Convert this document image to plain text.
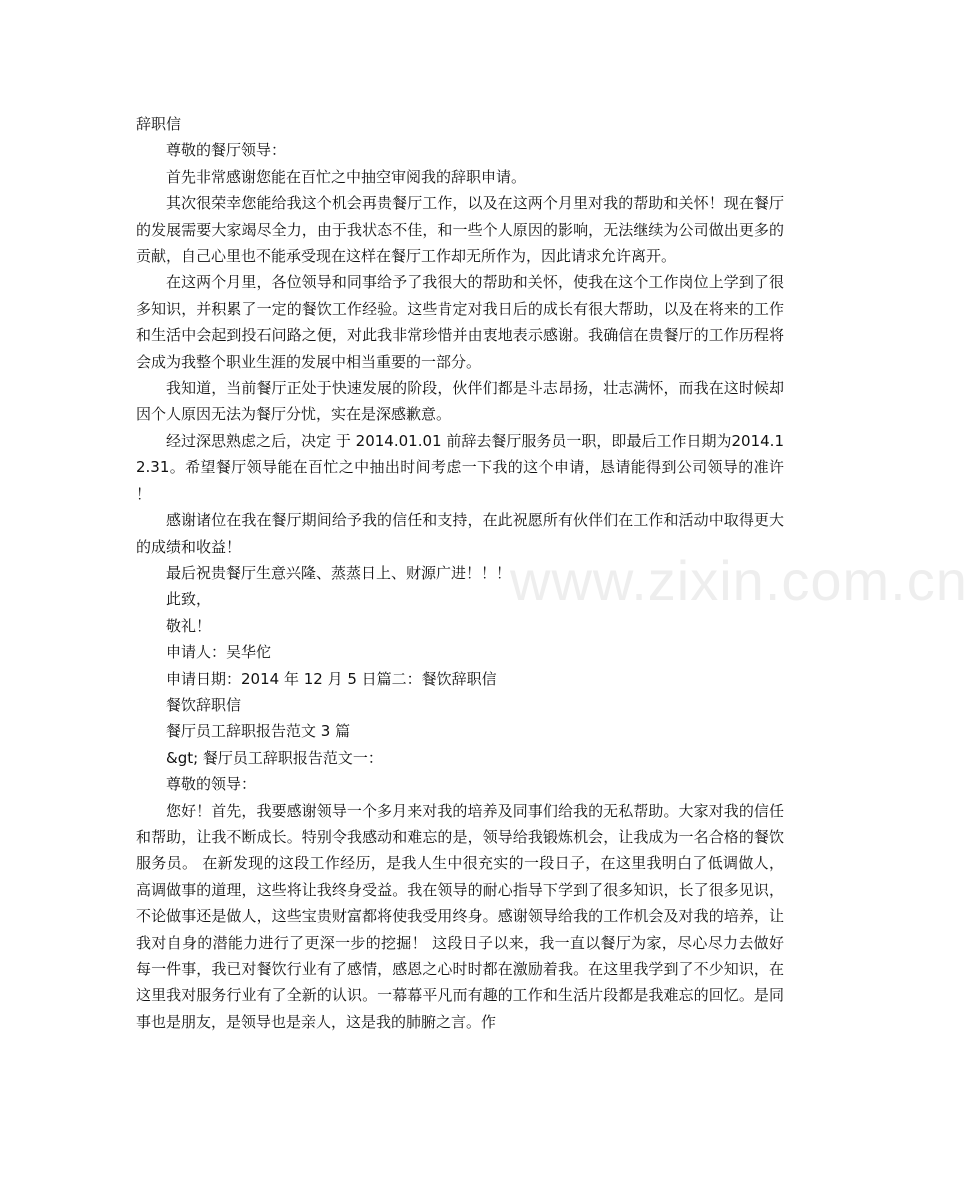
辞职信

尊敬的餐厅领导：

首先非常感谢您能在百忙之中抽空审阅我的辞职申请。

其次很荣幸您能给我这个机会再贵餐厅工作，以及在这两个月里对我的帮助和关怀！现在餐厅的发展需要大家竭尽全力，由于我状态不佳，和一些个人原因的影响，无法继续为公司做出更多的贡献，自己心里也不能承受现在这样在餐厅工作却无所作为，因此请求允许离开。

在这两个月里，各位领导和同事给予了我很大的帮助和关怀，使我在这个工作岗位上学到了很多知识，并积累了一定的餐饮工作经验。这些肯定对我日后的成长有很大帮助，以及在将来的工作和生活中会起到投石问路之便，对此我非常珍惜并由衷地表示感谢。我确信在贵餐厅的工作历程将会成为我整个职业生涯的发展中相当重要的一部分。

我知道，当前餐厅正处于快速发展的阶段，伙伴们都是斗志昂扬，壮志满怀，而我在这时候却因个人原因无法为餐厅分忧，实在是深感歉意。

经过深思熟虑之后，决定 于 2014.01.01 前辞去餐厅服务员一职，即最后工作日期为2014.12.31。希望餐厅领导能在百忙之中抽出时间考虑一下我的这个申请，恳请能得到公司领导的准许！

感谢诸位在我在餐厅期间给予我的信任和支持，在此祝愿所有伙伴们在工作和活动中取得更大的成绩和收益！

最后祝贵餐厅生意兴隆、蒸蒸日上、财源广进！！！

此致，

敬礼！

申请人：吴华佗

申请日期：2014 年 12 月 5 日篇二：餐饮辞职信

餐饮辞职信

餐厅员工辞职报告范文 3 篇

&gt; 餐厅员工辞职报告范文一：

尊敬的领导：

您好！首先，我要感谢领导一个多月来对我的培养及同事们给我的无私帮助。大家对我的信任和帮助，让我不断成长。特别令我感动和难忘的是，领导给我锻炼机会，让我成为一名合格的餐饮服务员。 在新发现的这段工作经历，是我人生中很充实的一段日子，在这里我明白了低调做人，高调做事的道理，这些将让我终身受益。我在领导的耐心指导下学到了很多知识，长了很多见识，不论做事还是做人，这些宝贵财富都将使我受用终身。感谢领导给我的工作机会及对我的培养，让我对自身的潜能力进行了更深一步的挖掘！ 这段日子以来，我一直以餐厅为家，尽心尽力去做好每一件事，我已对餐饮行业有了感情，感恩之心时时都在激励着我。在这里我学到了不少知识，在这里我对服务行业有了全新的认识。一幕幕平凡而有趣的工作和生活片段都是我难忘的回忆。是同事也是朋友，是领导也是亲人，这是我的肺腑之言。作

www.zixin.com.cn
